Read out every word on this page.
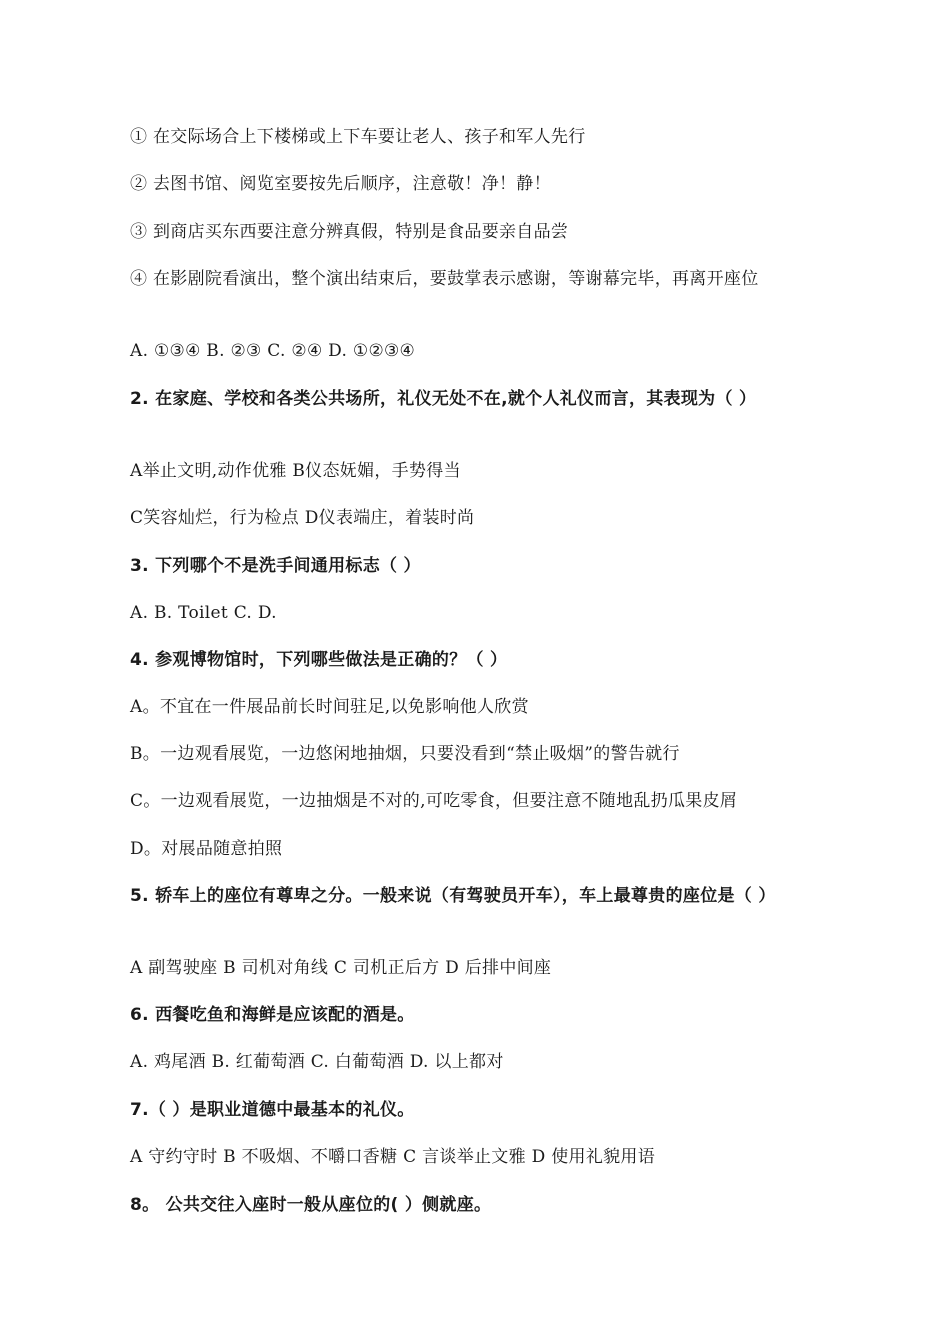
① 在交际场合上下楼梯或上下车要让老人、孩子和军人先行
② 去图书馆、阅览室要按先后顺序，注意敬！净！静！
③ 到商店买东西要注意分辨真假，特别是食品要亲自品尝
④ 在影剧院看演出，整个演出结束后，要鼓掌表示感谢，等谢幕完毕，再离开座位
A. ①③④ B. ②③ C. ②④ D. ①②③④
2. 在家庭、学校和各类公共场所，礼仪无处不在,就个人礼仪而言，其表现为（ ）
A举止文明,动作优雅 B仪态妩媚，手势得当
C笑容灿烂，行为检点 D仪表端庄，着装时尚
3. 下列哪个不是洗手间通用标志（ ）
A. B. Toilet C. D.
4. 参观博物馆时，下列哪些做法是正确的？（ ）
A。不宜在一件展品前长时间驻足,以免影响他人欣赏
B。一边观看展览，一边悠闲地抽烟，只要没看到“禁止吸烟”的警告就行
C。一边观看展览，一边抽烟是不对的,可吃零食，但要注意不随地乱扔瓜果皮屑
D。对展品随意拍照
5. 轿车上的座位有尊卑之分。一般来说（有驾驶员开车），车上最尊贵的座位是（ ）
A 副驾驶座 B 司机对角线 C 司机正后方 D 后排中间座
6. 西餐吃鱼和海鲜是应该配的酒是。
A. 鸡尾酒 B. 红葡萄酒 C. 白葡萄酒 D. 以上都对
7.（ ）是职业道德中最基本的礼仪。
A 守约守时 B 不吸烟、不嚼口香糖 C 言谈举止文雅 D 使用礼貌用语
8。 公共交往入座时一般从座位的( ）侧就座。
